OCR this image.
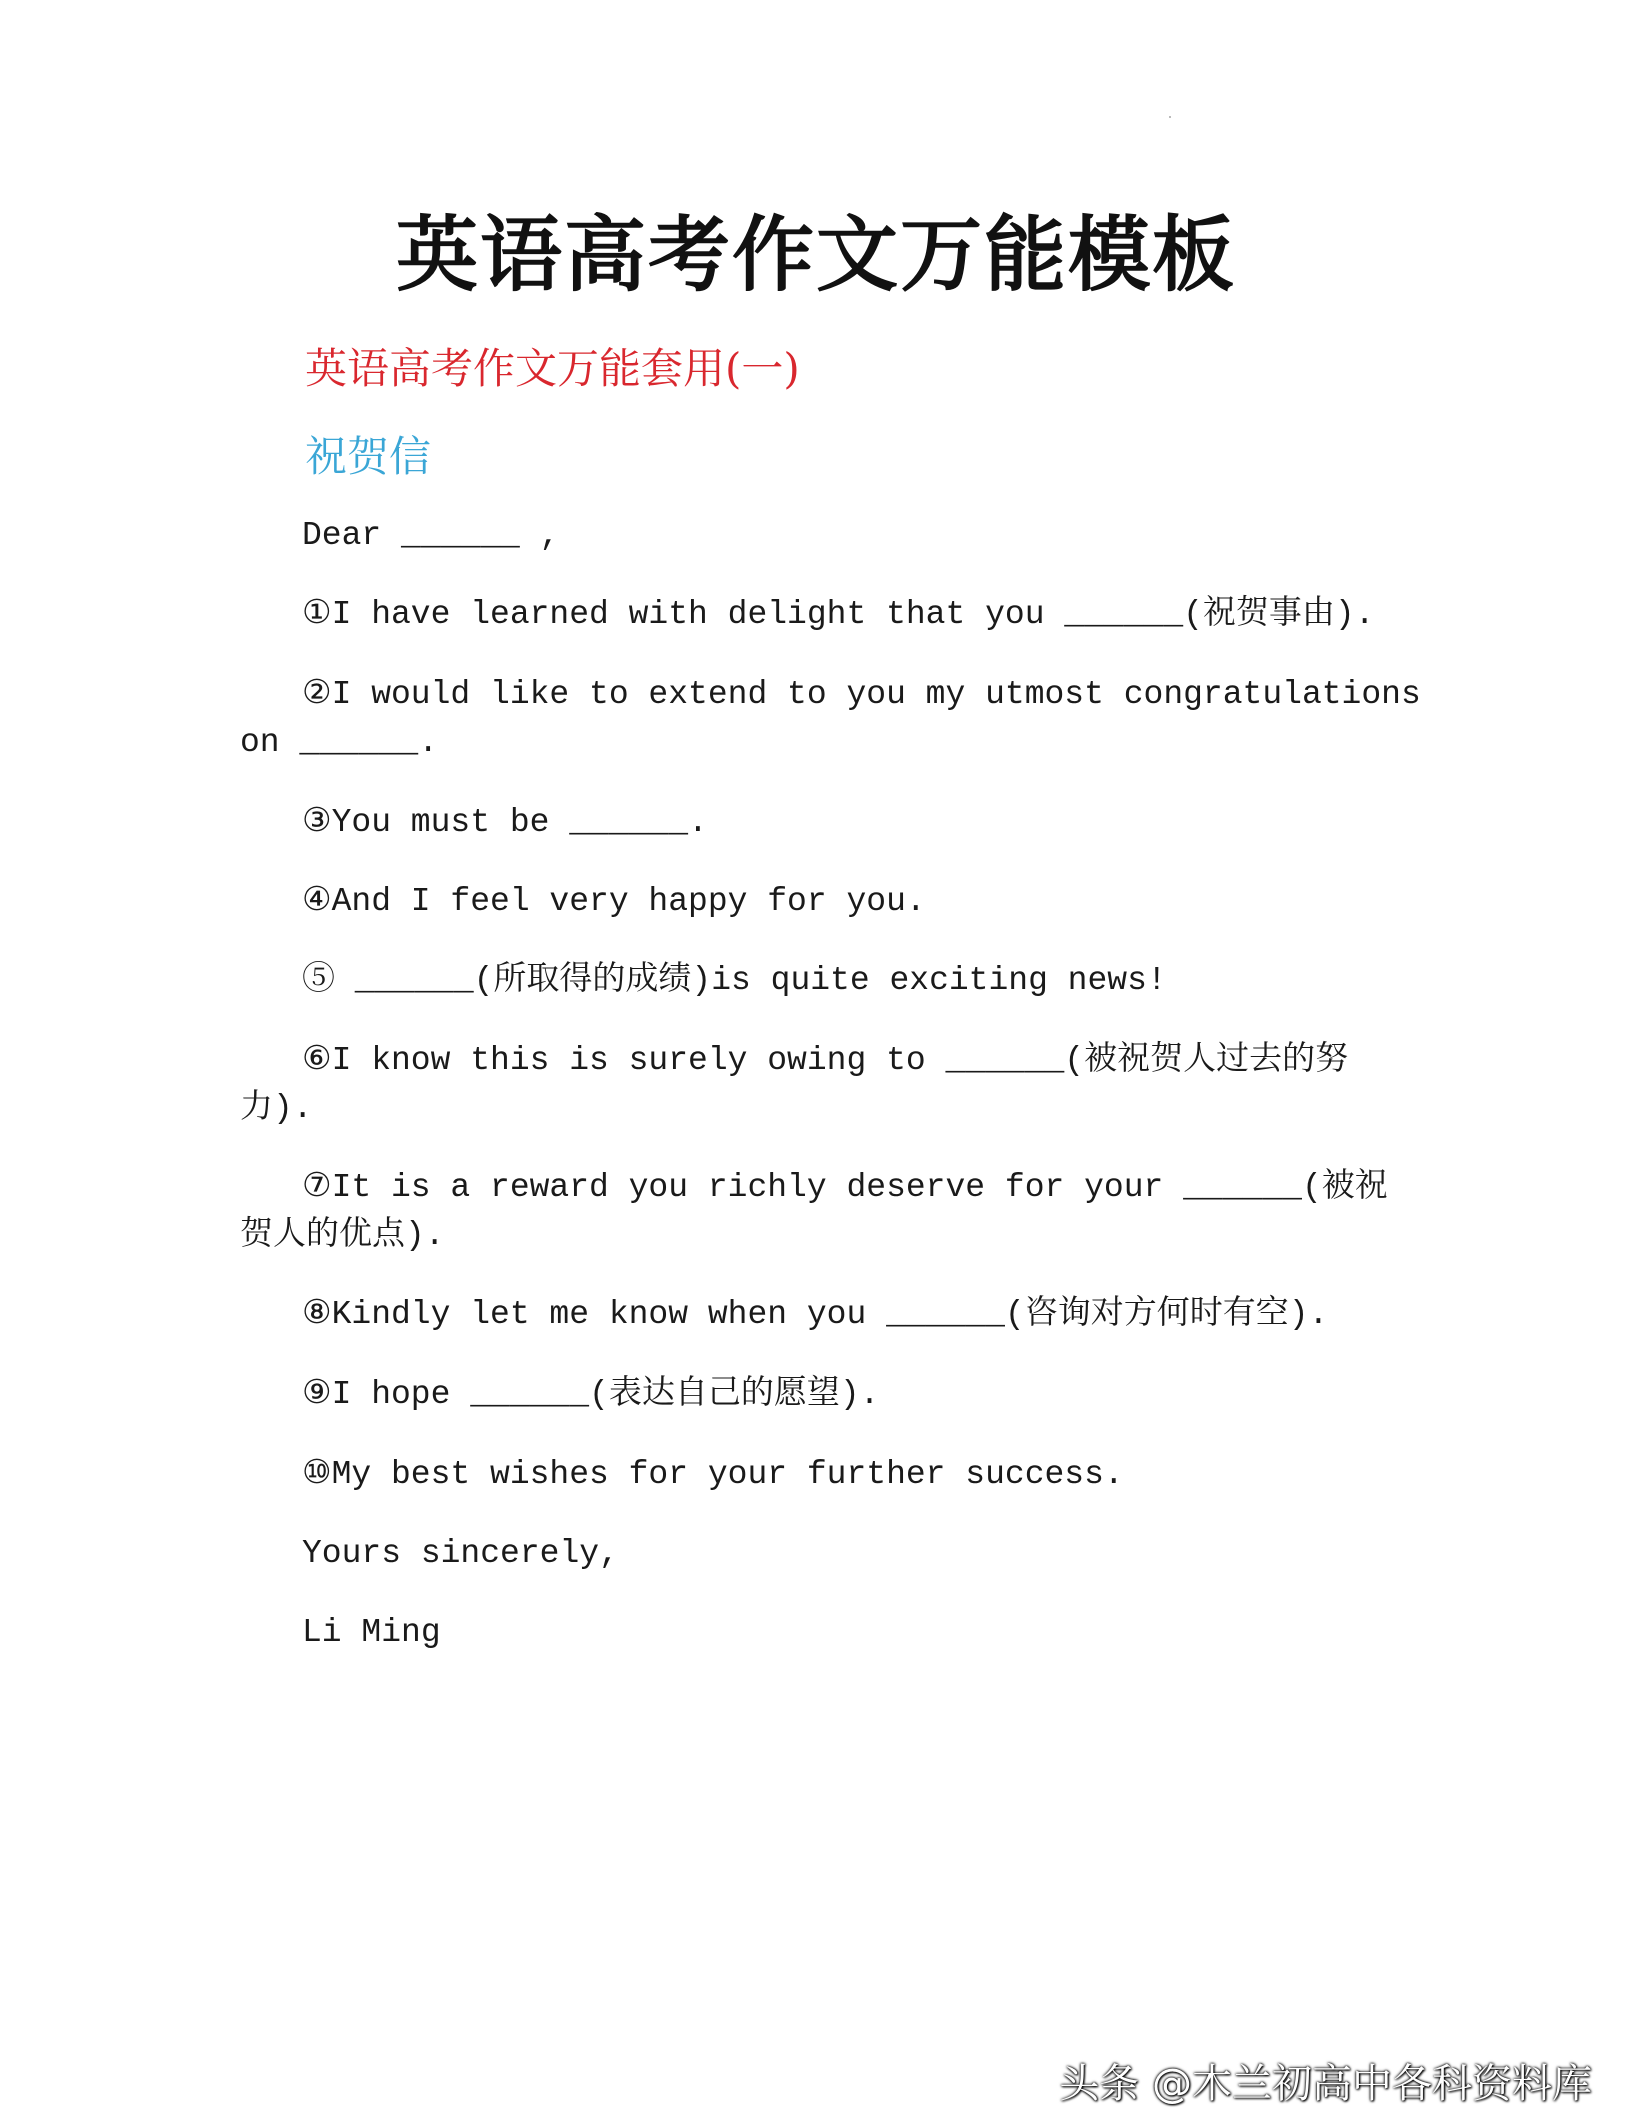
英语高考作文万能模板
英语高考作文万能套用(一)
祝贺信
Dear ______ ,
①I have learned with delight that you ______(祝贺事由).
②I would like to extend to you my utmost congratulations
on ______.
③You must be ______.
④And I feel very happy for you.
⑤ ______(所取得的成绩)is quite exciting news!
⑥I know this is surely owing to ______(被祝贺人过去的努
力).
⑦It is a reward you richly deserve for your ______(被祝
贺人的优点).
⑧Kindly let me know when you ______(咨询对方何时有空).
⑨I hope ______(表达自己的愿望).
⑩My best wishes for your further success.
Yours sincerely,
Li Ming
头条 @木兰初高中各科资料库
